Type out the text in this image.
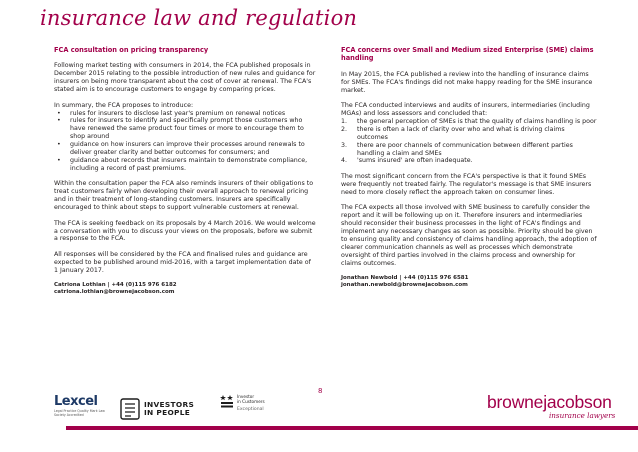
insurance law and regulation
FCA consultation on pricing transparency

Following market testing with consumers in 2014, the FCA published proposals in December 2015 relating to the possible introduction of new rules and guidance for insurers on being more transparent about the cost of cover at renewal. The FCA's stated aim is to encourage customers to engage by comparing prices.

In summary, the FCA proposes to introduce:
• rules for insurers to disclose last year's premium on renewal notices
• rules for insurers to identify and specifically prompt those customers who have renewed the same product four times or more to encourage them to shop around
• guidance on how insurers can improve their processes around renewals to deliver greater clarity and better outcomes for consumers; and
• guidance about records that insurers maintain to demonstrate compliance, including a record of past premiums.

Within the consultation paper the FCA also reminds insurers of their obligations to treat customers fairly when developing their overall approach to renewal pricing and in their treatment of long-standing customers. Insurers are specifically encouraged to think about steps to support vulnerable customers at renewal.

The FCA is seeking feedback on its proposals by 4 March 2016. We would welcome a conversation with you to discuss your views on the proposals, before we submit a response to the FCA.

All responses will be considered by the FCA and finalised rules and guidance are expected to be published around mid-2016, with a target implementation date of 1 January 2017.

Catriona Lothian | +44 (0)115 976 6182
catriona.lothian@brownejacobson.com
FCA concerns over Small and Medium sized Enterprise (SME) claims handling

In May 2015, the FCA published a review into the handling of insurance claims for SMEs. The FCA's findings did not make happy reading for the SME insurance market.

The FCA conducted interviews and audits of insurers, intermediaries (including MGAs) and loss assessors and concluded that:
1. the general perception of SMEs is that the quality of claims handling is poor
2. there is often a lack of clarity over who and what is driving claims outcomes
3. there are poor channels of communication between different parties handling a claim and SMEs
4. 'sums insured' are often inadequate.

The most significant concern from the FCA's perspective is that it found SMEs were frequently not treated fairly. The regulator's message is that SME insurers need to more closely reflect the approach taken on consumer lines.

The FCA expects all those involved with SME business to carefully consider the report and it will be following up on it. Therefore insurers and intermediaries should reconsider their business processes in the light of FCA's findings and implement any necessary changes as soon as possible. Priority should be given to ensuring quality and consistency of claims handling approach, the adoption of clearer communication channels as well as processes which demonstrate oversight of third parties involved in the claims process and ownership for claims outcomes.

Jonathan Newbold | +44 (0)115 976 6581
jonathan.newbold@brownejacobson.com
8
Lexcel
Legal Practice Quality Mark Law Society Accredited
INVESTORS
IN PEOPLE
Investor
in Customers
Exceptional	brownejacobson
insurance lawyers
